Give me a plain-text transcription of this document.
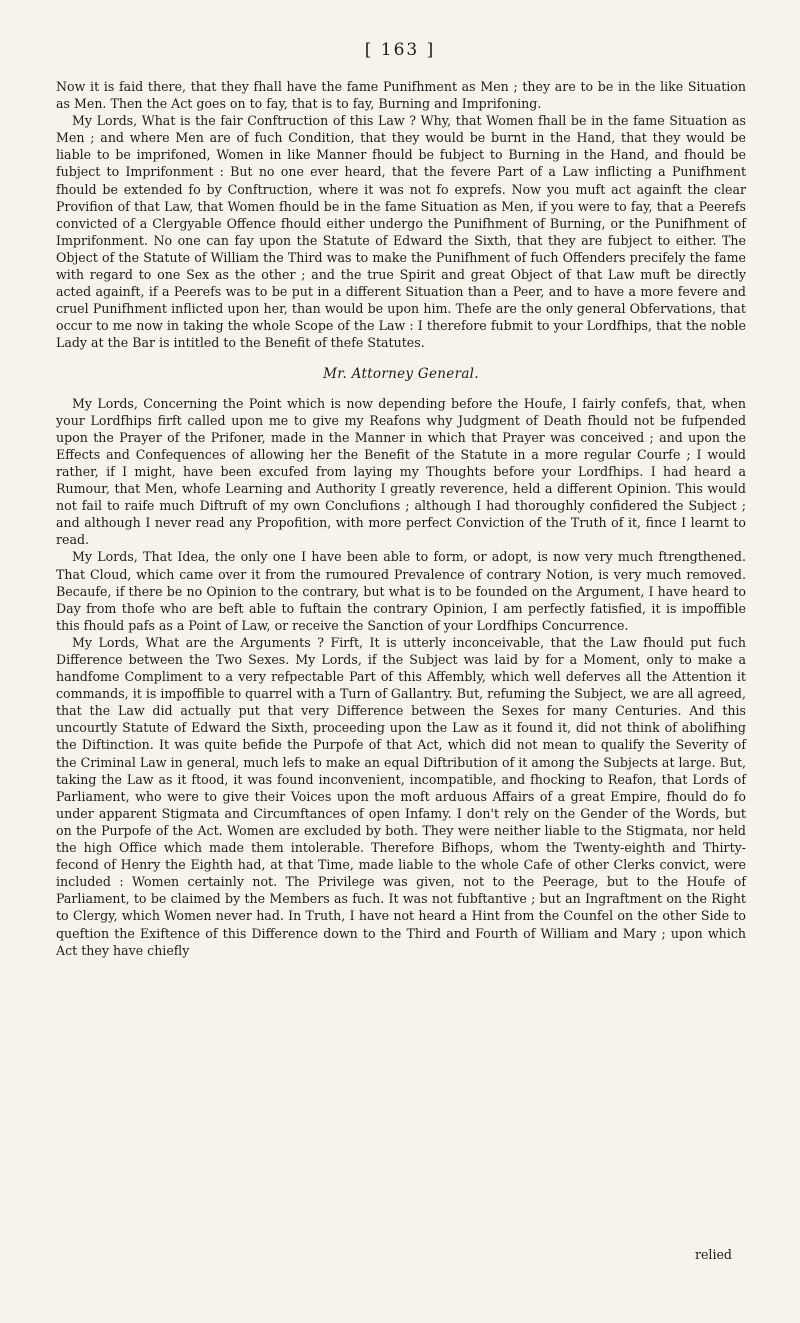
[ 163 ]

Now it is faid there, that they fhall have the fame Punifhment as Men ; they are to be in the like Situation as Men. Then the Act goes on to fay, that is to fay, Burning and Imprifoning.

My Lords, What is the fair Conftruction of this Law ? Why, that Women fhall be in the fame Situation as Men ; and where Men are of fuch Condition, that they would be burnt in the Hand, that they would be liable to be imprifoned, Women in like Manner fhould be fubject to Burning in the Hand, and fhould be fubject to Imprifonment : But no one ever heard, that the fevere Part of a Law inflicting a Punifhment fhould be extended fo by Conftruction, where it was not fo exprefs. Now you muft act againft the clear Provifion of that Law, that Women fhould be in the fame Situation as Men, if you were to fay, that a Peerefs convicted of a Clergyable Offence fhould either undergo the Punifhment of Burning, or the Punifhment of Imprifonment. No one can fay upon the Statute of Edward the Sixth, that they are fubject to either. The Object of the Statute of William the Third was to make the Punifhment of fuch Offenders precifely the fame with regard to one Sex as the other ; and the true Spirit and great Object of that Law muft be directly acted againft, if a Peerefs was to be put in a different Situation than a Peer, and to have a more fevere and cruel Punifhment inflicted upon her, than would be upon him. Thefe are the only general Obfervations, that occur to me now in taking the whole Scope of the Law : I therefore fubmit to your Lordfhips, that the noble Lady at the Bar is intitled to the Benefit of thefe Statutes.

Mr. Attorney General.

My Lords, Concerning the Point which is now depending before the Houfe, I fairly confefs, that, when your Lordfhips firft called upon me to give my Reafons why Judgment of Death fhould not be fufpended upon the Prayer of the Prifoner, made in the Manner in which that Prayer was conceived ; and upon the Effects and Confequences of allowing her the Benefit of the Statute in a more regular Courfe ; I would rather, if I might, have been excufed from laying my Thoughts before your Lordfhips. I had heard a Rumour, that Men, whofe Learning and Authority I greatly reverence, held a different Opinion. This would not fail to raife much Diftruft of my own Conclufions ; although I had thoroughly confidered the Subject ; and although I never read any Propofition, with more perfect Conviction of the Truth of it, fince I learnt to read.

My Lords, That Idea, the only one I have been able to form, or adopt, is now very much ftrengthened. That Cloud, which came over it from the rumoured Prevalence of contrary Notion, is very much removed. Becaufe, if there be no Opinion to the contrary, but what is to be founded on the Argument, I have heard to Day from thofe who are beft able to fuftain the contrary Opinion, I am perfectly fatisfied, it is impoffible this fhould pafs as a Point of Law, or receive the Sanction of your Lordfhips Concurrence.

My Lords, What are the Arguments ? Firft, It is utterly inconceivable, that the Law fhould put fuch Difference between the Two Sexes. My Lords, if the Subject was laid by for a Moment, only to make a handfome Compliment to a very refpectable Part of this Affembly, which well deferves all the Attention it commands, it is impoffible to quarrel with a Turn of Gallantry. But, refuming the Subject, we are all agreed, that the Law did actually put that very Difference between the Sexes for many Centuries. And this uncourtly Statute of Edward the Sixth, proceeding upon the Law as it found it, did not think of abolifhing the Diftinction. It was quite befide the Purpofe of that Act, which did not mean to qualify the Severity of the Criminal Law in general, much lefs to make an equal Diftribution of it among the Subjects at large. But, taking the Law as it ftood, it was found inconvenient, incompatible, and fhocking to Reafon, that Lords of Parliament, who were to give their Voices upon the moft arduous Affairs of a great Empire, fhould do fo under apparent Stigmata and Circumftances of open Infamy. I don't rely on the Gender of the Words, but on the Purpofe of the Act. Women are excluded by both. They were neither liable to the Stigmata, nor held the high Office which made them intolerable. Therefore Bifhops, whom the Twenty-eighth and Thirty-fecond of Henry the Eighth had, at that Time, made liable to the whole Cafe of other Clerks convict, were included : Women certainly not. The Privilege was given, not to the Peerage, but to the Houfe of Parliament, to be claimed by the Members as fuch. It was not fubftantive ; but an Ingraftment on the Right to Clergy, which Women never had. In Truth, I have not heard a Hint from the Counfel on the other Side to queftion the Exiftence of this Difference down to the Third and Fourth of William and Mary ; upon which Act they have chiefly

relied
